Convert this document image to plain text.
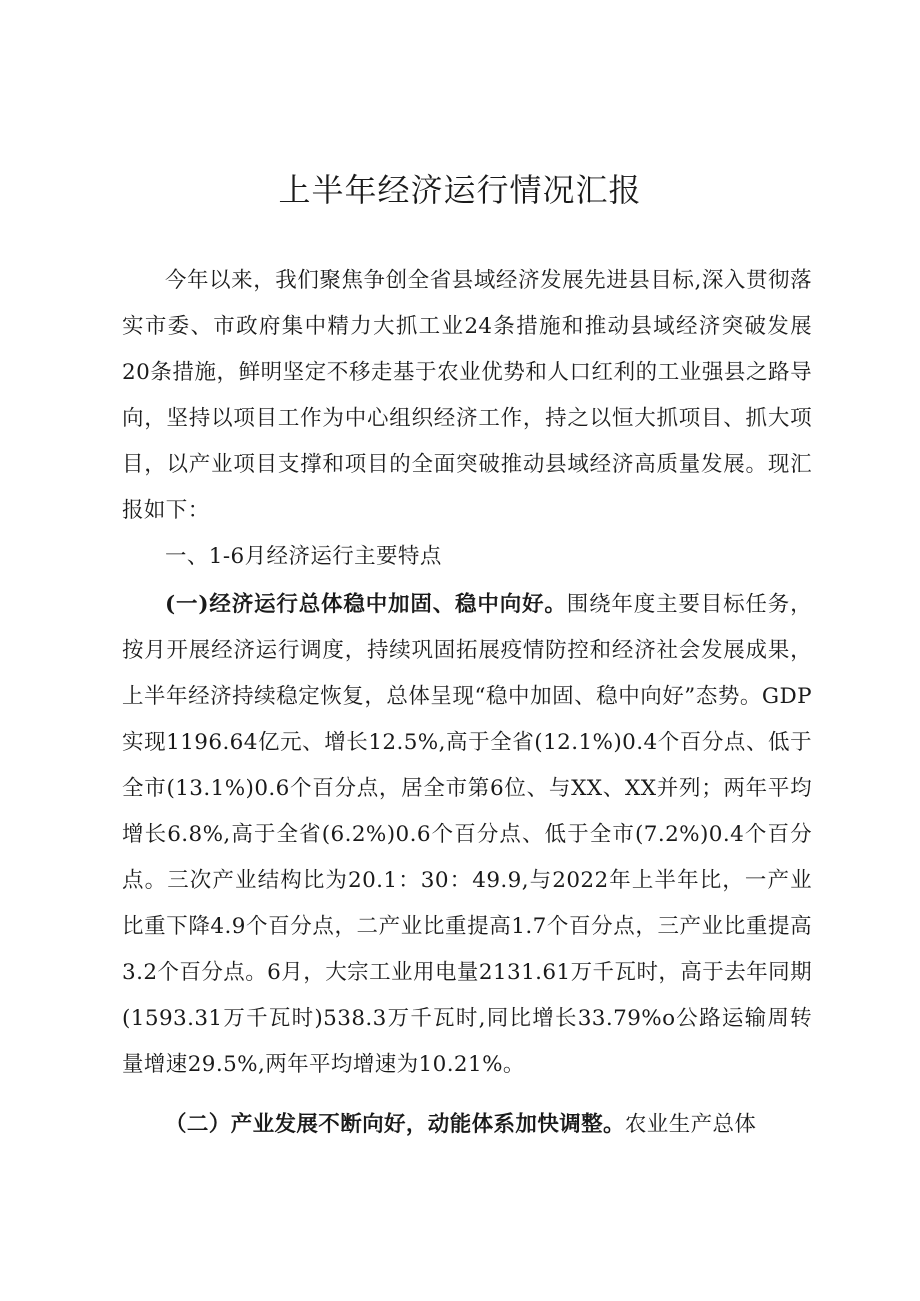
上半年经济运行情况汇报

今年以来，我们聚焦争创全省县域经济发展先进县目标,深入贯彻落实市委、市政府集中精力大抓工业24条措施和推动县域经济突破发展20条措施，鲜明坚定不移走基于农业优势和人口红利的工业强县之路导向，坚持以项目工作为中心组织经济工作，持之以恒大抓项目、抓大项目，以产业项目支撑和项目的全面突破推动县域经济高质量发展。现汇报如下：

一、1-6月经济运行主要特点

(一)经济运行总体稳中加固、稳中向好。围绕年度主要目标任务，按月开展经济运行调度，持续巩固拓展疫情防控和经济社会发展成果，上半年经济持续稳定恢复，总体呈现“稳中加固、稳中向好”态势。GDP实现1196.64亿元、增长12.5%,高于全省(12.1%)0.4个百分点、低于全市(13.1%)0.6个百分点，居全市第6位、与XX、XX并列；两年平均增长6.8%,高于全省(6.2%)0.6个百分点、低于全市(7.2%)0.4个百分点。三次产业结构比为20.1：30：49.9,与2022年上半年比，一产业比重下降4.9个百分点，二产业比重提高1.7个百分点，三产业比重提高3.2个百分点。6月，大宗工业用电量2131.61万千瓦时，高于去年同期(1593.31万千瓦时)538.3万千瓦时,同比增长33.79%o公路运输周转量增速29.5%,两年平均增速为10.21%。

（二）产业发展不断向好，动能体系加快调整。农业生产总体
